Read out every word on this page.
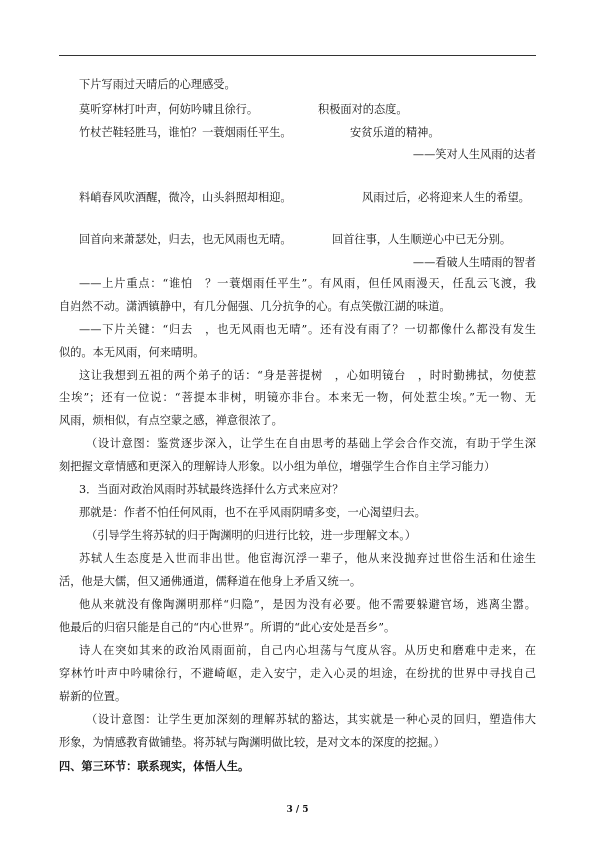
下片写雨过天晴后的心理感受。
莫听穿林打叶声，何妨吟啸且徐行。	积极面对的态度。
竹杖芒鞋轻胜马，谁怕？一蓑烟雨任平生。	安贫乐道的精神。
——笑对人生风雨的达者
料峭春风吹酒醒，微冷，山头斜照却相迎。	风雨过后，必将迎来人生的希望。
回首向来萧瑟处，归去，也无风雨也无晴。	回首往事，人生顺逆心中已无分别。
——看破人生晴雨的智者
——上片重点：“谁怕　？一蓑烟雨任平生”。有风雨，但任风雨漫天，任乱云飞渡，我
自岿然不动。潇洒镇静中，有几分倔强、几分抗争的心。有点笑傲江湖的味道。
——下片关键：“归去　，也无风雨也无晴”。还有没有雨了？一切都像什么都没有发生
似的。本无风雨，何来晴明。
这让我想到五祖的两个弟子的话：“身是菩提树　，心如明镜台　，时时勤拂拭，勿使惹
尘埃”；还有一位说：“菩提本非树，明镜亦非台。本来无一物，何处惹尘埃。”无一物、无
风雨，烦相似，有点空蒙之感，禅意很浓了。
（设计意图：鉴赏逐步深入，让学生在自由思考的基础上学会合作交流，有助于学生深
刻把握文章情感和更深入的理解诗人形象。以小组为单位，增强学生合作自主学习能力）
3．当面对政治风雨时苏轼最终选择什么方式来应对？
那就是：作者不怕任何风雨，也不在乎风雨阴晴多变，一心渴望归去。
（引导学生将苏轼的归于陶渊明的归进行比较，进一步理解文本。）
苏轼人生态度是入世而非出世。他宦海沉浮一辈子，他从来没抛弃过世俗生活和仕途生
活，他是大儒，但又通佛通道，儒释道在他身上矛盾又统一。
他从来就没有像陶渊明那样“归隐”，是因为没有必要。他不需要躲避官场，逃离尘嚣。
他最后的归宿只能是自己的“内心世界”。所谓的“此心安处是吾乡”。
诗人在突如其来的政治风雨面前，自己内心坦荡与气度从容。从历史和磨难中走来，在
穿林竹叶声中吟啸徐行，不避崎岖，走入安宁，走入心灵的坦途，在纷扰的世界中寻找自己
崭新的位置。
（设计意图：让学生更加深刻的理解苏轼的豁达，其实就是一种心灵的回归，塑造伟大
形象，为情感教育做铺垫。将苏轼与陶渊明做比较，是对文本的深度的挖掘。）
四、第三环节：联系现实，体悟人生。
3 / 5
